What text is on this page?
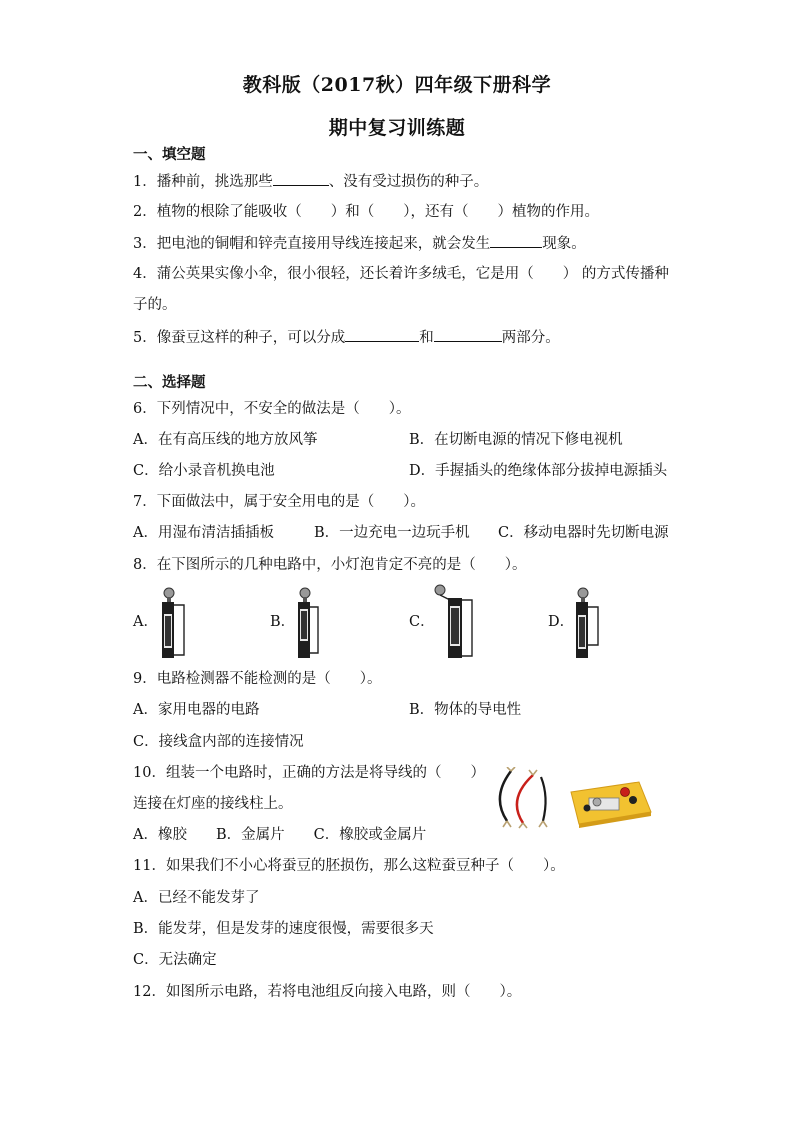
教科版（2017秋）四年级下册科学
期中复习训练题
一、填空题
1．播种前，挑选那些	、没有受过损伤的种子。
2．植物的根除了能吸收（　　）和（　　），还有（　　）植物的作用。
3．把电池的铜帽和锌壳直接用导线连接起来，就会发生	现象。
4．蒲公英果实像小伞，很小很轻，还长着许多绒毛，它是用（　　） 的方式传播种
子的。
5．像蚕豆这样的种子，可以分成	和	两部分。
二、选择题
6．下列情况中，不安全的做法是（　　）。
A．在有高压线的地方放风筝	B．在切断电源的情况下修电视机
C．给小录音机换电池	D．手握插头的绝缘体部分拔掉电源插头
7．下面做法中，属于安全用电的是（　　）。
A．用湿布清洁插插板	B．一边充电一边玩手机 C．移动电器时先切断电源
8．在下图所示的几种电路中，小灯泡肯定不亮的是（　　）。
A．	B．	C．	D．
9．电路检测器不能检测的是（　　）。
A．家用电器的电路	B．物体的导电性
C．接线盒内部的连接情况
10．组装一个电路时，正确的方法是将导线的（　　）
连接在灯座的接线柱上。
A．橡胶　　B．金属片　　C．橡胶或金属片
11．如果我们不小心将蚕豆的胚损伤，那么这粒蚕豆种子（　　）。
A．已经不能发芽了
B．能发芽，但是发芽的速度很慢，需要很多天
C．无法确定
12．如图所示电路，若将电池组反向接入电路，则（　　）。
